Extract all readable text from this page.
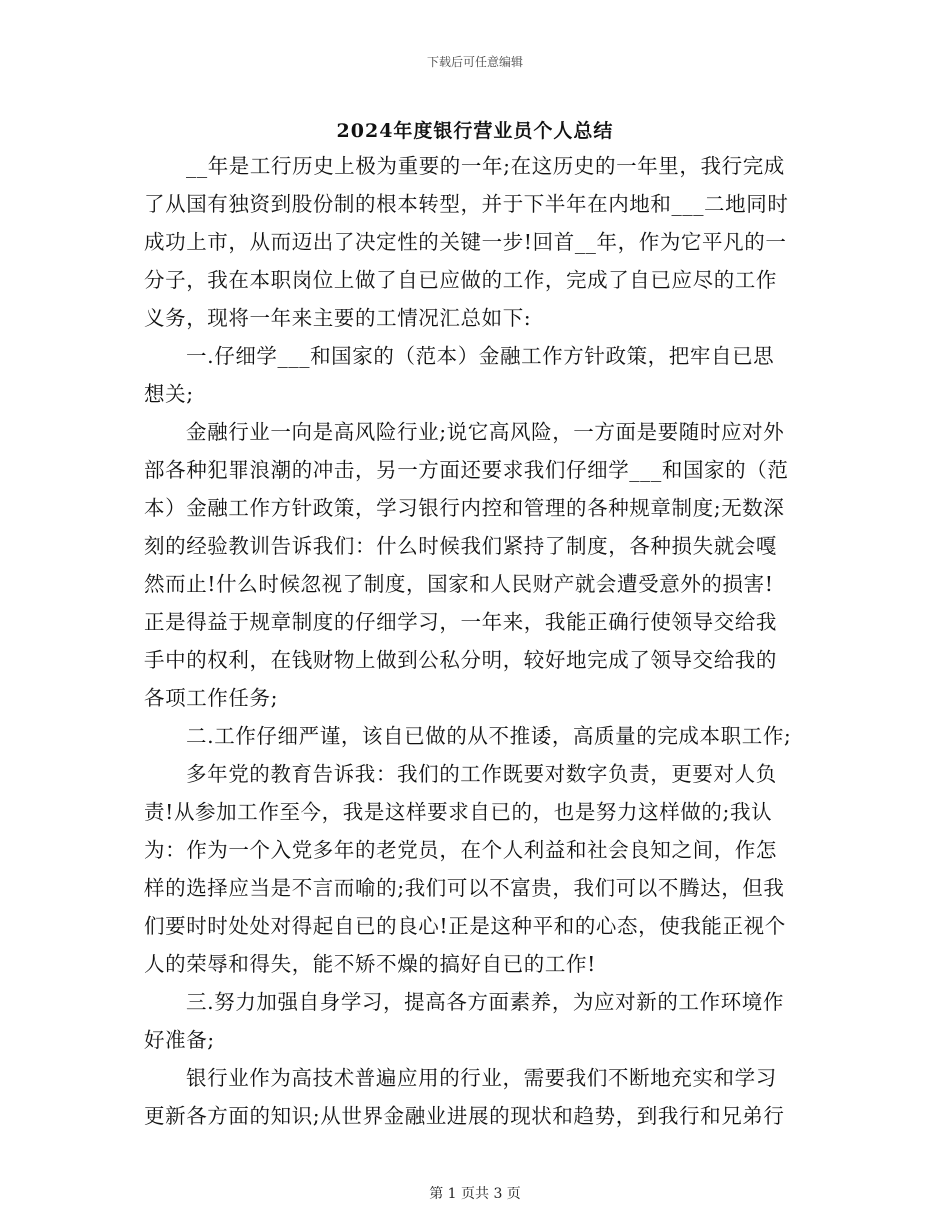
下载后可任意编辑
2024年度银行营业员个人总结
__年是工行历史上极为重要的一年;在这历史的一年里，我行完成
了从国有独资到股份制的根本转型，并于下半年在内地和___二地同时
成功上市，从而迈出了决定性的关键一步!回首__年，作为它平凡的一
分子，我在本职岗位上做了自已应做的工作，完成了自已应尽的工作
义务，现将一年来主要的工情况汇总如下:
一.仔细学___和国家的（范本）金融工作方针政策，把牢自已思
想关;
金融行业一向是高风险行业;说它高风险，一方面是要随时应对外
部各种犯罪浪潮的冲击，另一方面还要求我们仔细学___和国家的（范
本）金融工作方针政策，学习银行内控和管理的各种规章制度;无数深
刻的经验教训告诉我们：什么时候我们紧持了制度，各种损失就会嘎
然而止!什么时候忽视了制度，国家和人民财产就会遭受意外的损害!
正是得益于规章制度的仔细学习，一年来，我能正确行使领导交给我
手中的权利，在钱财物上做到公私分明，较好地完成了领导交给我的
各项工作任务;
二.工作仔细严谨，该自已做的从不推诿，高质量的完成本职工作;
多年党的教育告诉我：我们的工作既要对数字负责，更要对人负
责!从参加工作至今，我是这样要求自已的，也是努力这样做的;我认
为：作为一个入党多年的老党员，在个人利益和社会良知之间，作怎
样的选择应当是不言而喻的;我们可以不富贵，我们可以不腾达，但我
们要时时处处对得起自已的良心!正是这种平和的心态，使我能正视个
人的荣辱和得失，能不矫不燥的搞好自已的工作!
三.努力加强自身学习，提高各方面素养，为应对新的工作环境作
好准备;
银行业作为高技术普遍应用的行业，需要我们不断地充实和学习
更新各方面的知识;从世界金融业进展的现状和趋势，到我行和兄弟行
第 1 页共 3 页
